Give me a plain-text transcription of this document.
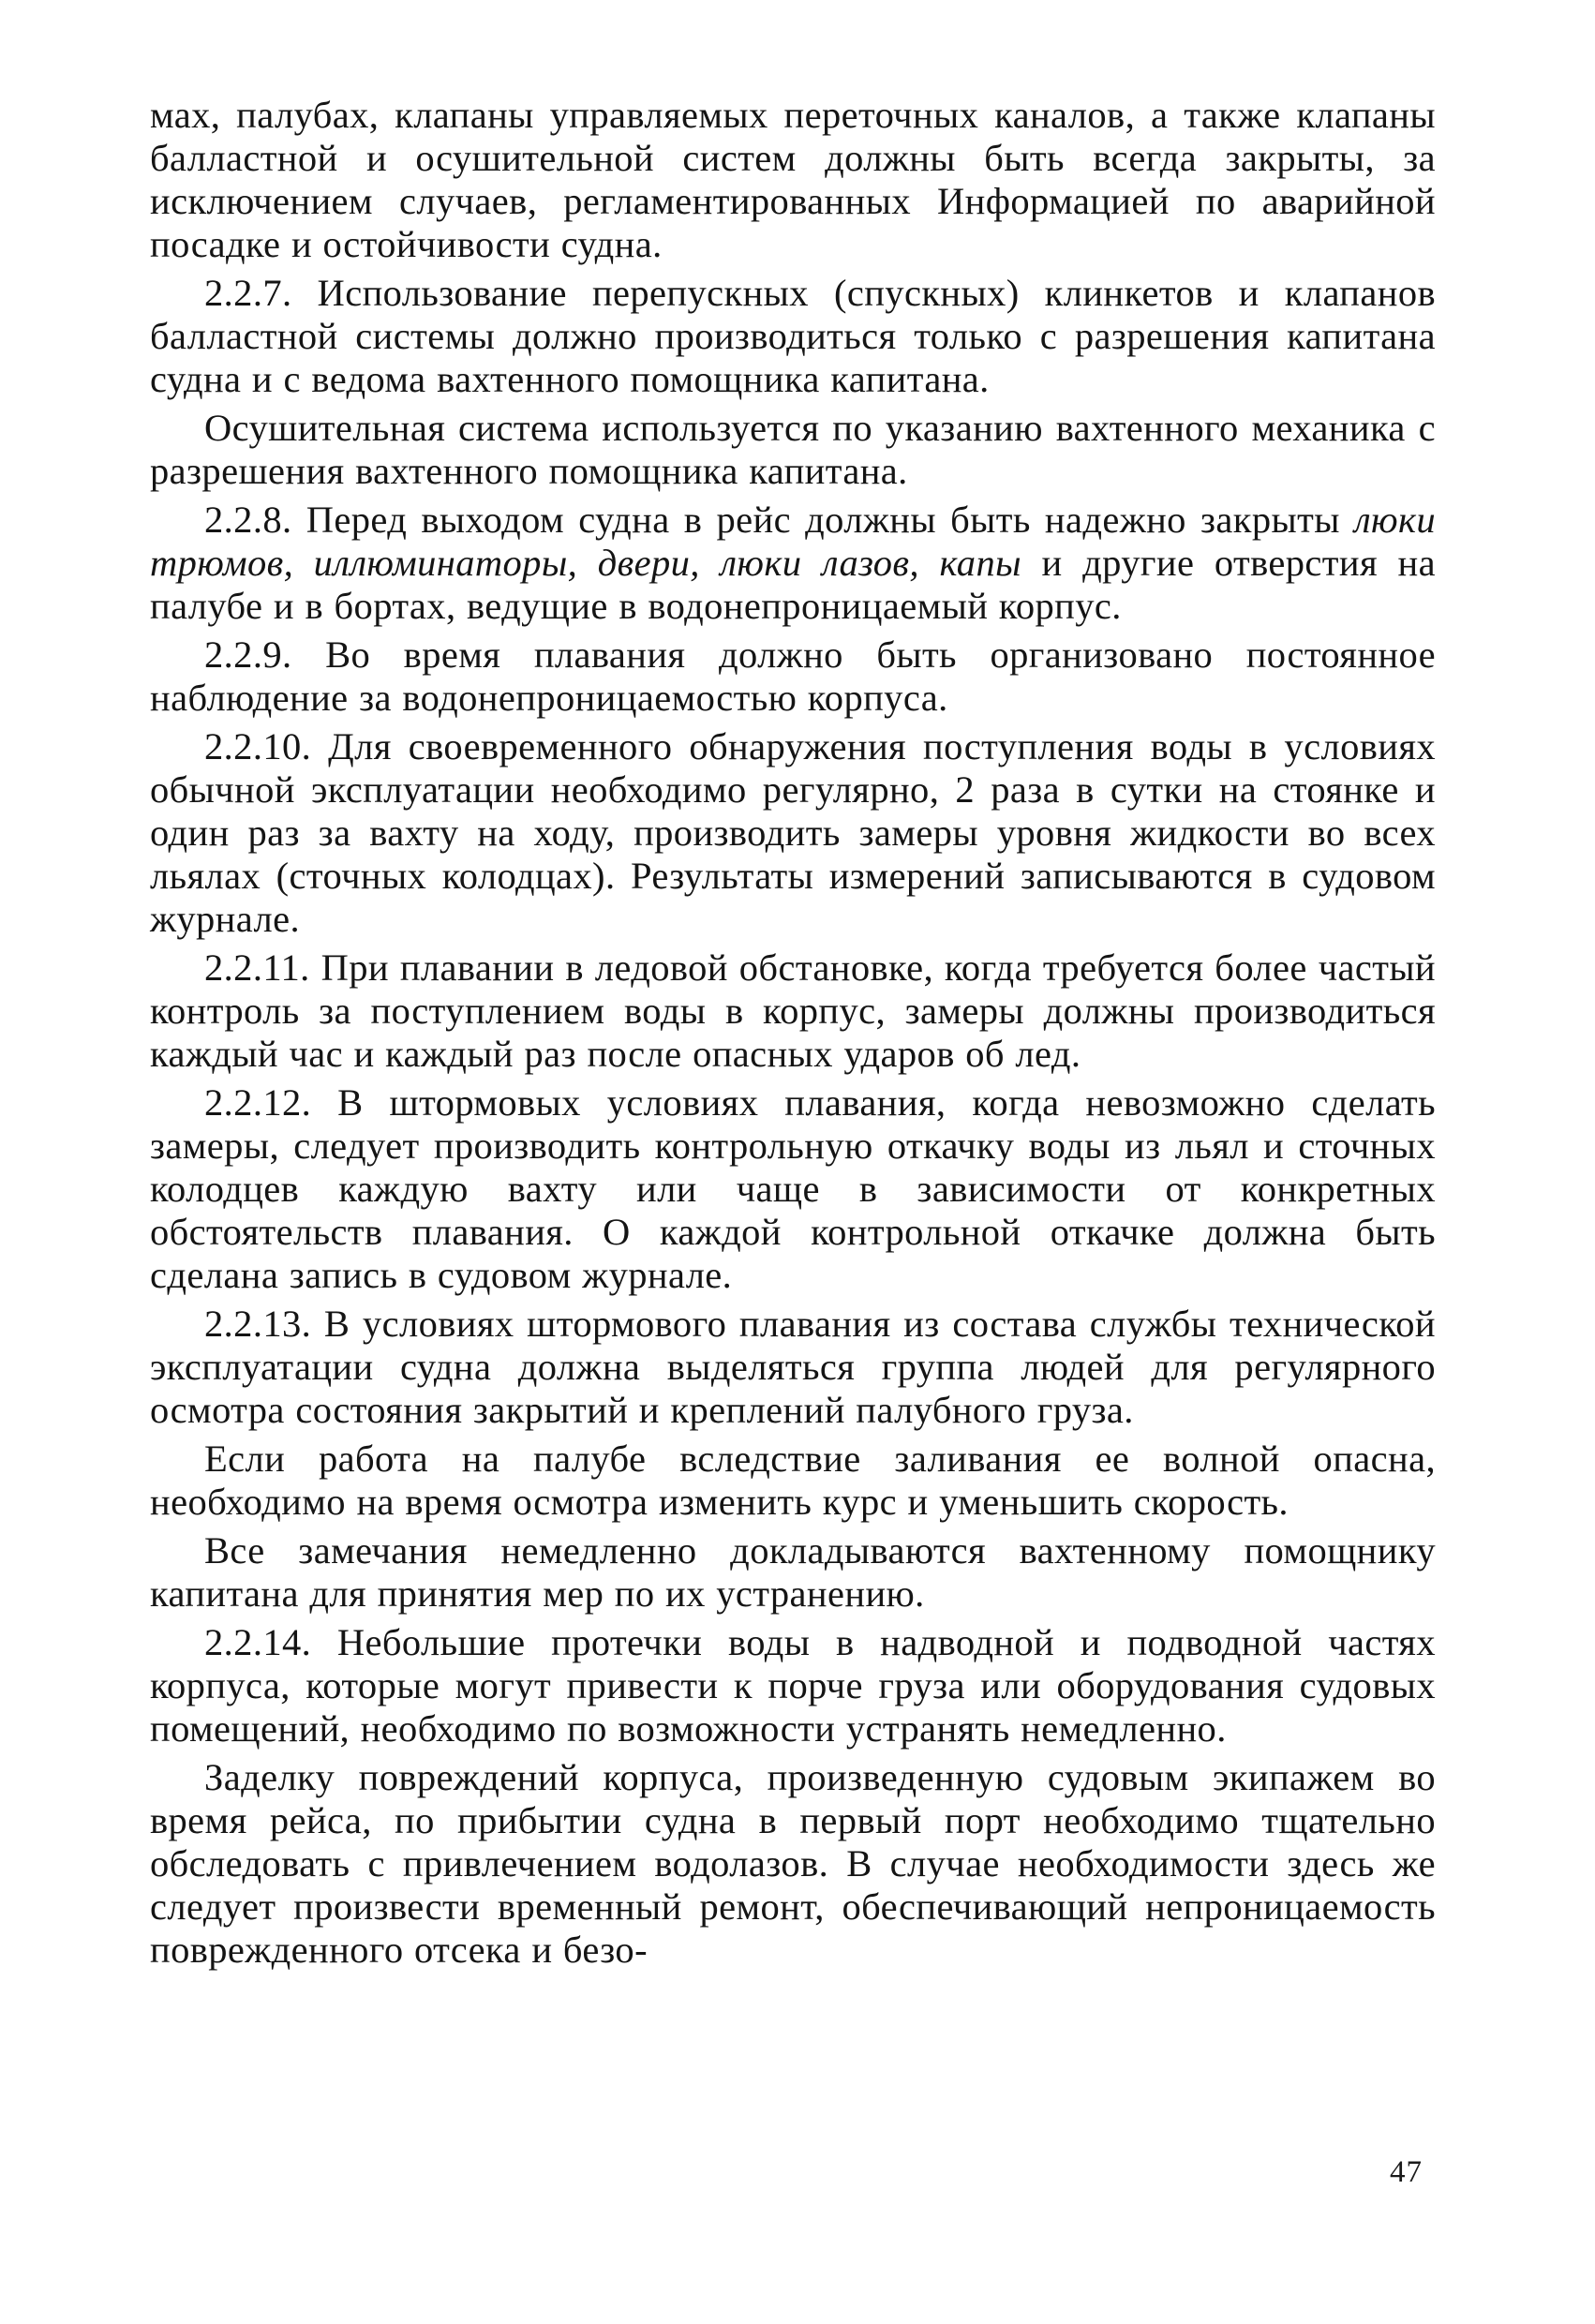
мах, палубах, клапаны управляемых переточных каналов, а также клапаны балластной и осушительной систем должны быть всегда закрыты, за исключением случаев, регламентированных Информацией по аварийной посадке и остойчивости судна.

2.2.7. Использование перепускных (спускных) клинкетов и клапанов балластной системы должно производиться только с разрешения капитана судна и с ведома вахтенного помощника капитана.

Осушительная система используется по указанию вахтенного механика с разрешения вахтенного помощника капитана.

2.2.8. Перед выходом судна в рейс должны быть надежно закрыты люки трюмов, иллюминаторы, двери, люки лазов, капы и другие отверстия на палубе и в бортах, ведущие в водонепроницаемый корпус.

2.2.9. Во время плавания должно быть организовано постоянное наблюдение за водонепроницаемостью корпуса.

2.2.10. Для своевременного обнаружения поступления воды в условиях обычной эксплуатации необходимо регулярно, 2 раза в сутки на стоянке и один раз за вахту на ходу, производить замеры уровня жидкости во всех льялах (сточных колодцах). Результаты измерений записываются в судовом журнале.

2.2.11. При плавании в ледовой обстановке, когда требуется более частый контроль за поступлением воды в корпус, замеры должны производиться каждый час и каждый раз после опасных ударов об лед.

2.2.12. В штормовых условиях плавания, когда невозможно сделать замеры, следует производить контрольную откачку воды из льял и сточных колодцев каждую вахту или чаще в зависимости от конкретных обстоятельств плавания. О каждой контрольной откачке должна быть сделана запись в судовом журнале.

2.2.13. В условиях штормового плавания из состава службы технической эксплуатации судна должна выделяться группа людей для регулярного осмотра состояния закрытий и креплений палубного груза.

Если работа на палубе вследствие заливания ее волной опасна, необходимо на время осмотра изменить курс и уменьшить скорость.

Все замечания немедленно докладываются вахтенному помощнику капитана для принятия мер по их устранению.

2.2.14. Небольшие протечки воды в надводной и подводной частях корпуса, которые могут привести к порче груза или оборудования судовых помещений, необходимо по возможности устранять немедленно.

Заделку повреждений корпуса, произведенную судовым экипажем во время рейса, по прибытии судна в первый порт необходимо тщательно обследовать с привлечением водолазов. В случае необходимости здесь же следует произвести временный ремонт, обеспечивающий непроницаемость поврежденного отсека и безо-

47
